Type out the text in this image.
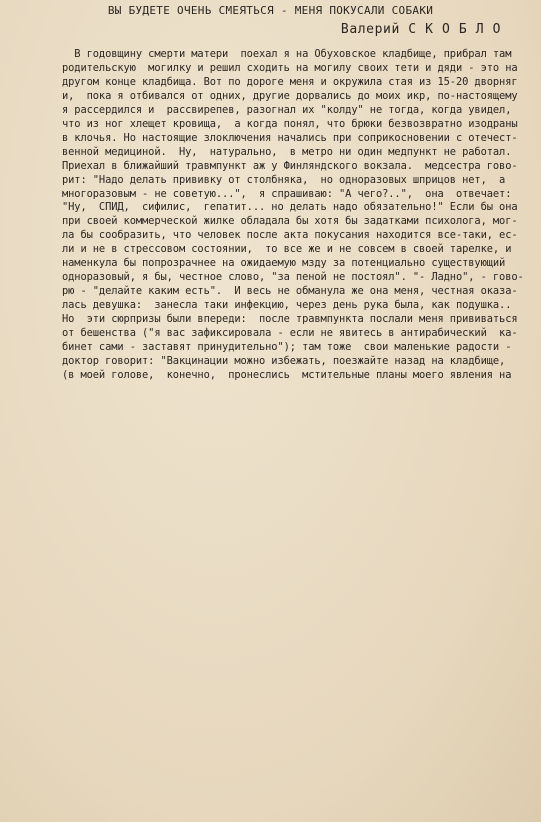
ВЫ БУДЕТЕ ОЧЕНЬ СМЕЯТЬСЯ - МЕНЯ ПОКУСАЛИ СОБАКИ
Валерий С К О Б Л О
В годовщину смерти матери  поехал я на Обуховское кладбище, прибрал там
родительскую  могилку и решил сходить на могилу своих тети и дяди - это на
другом конце кладбища. Вот по дороге меня и окружила стая из 15-20 дворняг
и,  пока я отбивался от одних, другие дорвались до моих икр, по-настоящему
я рассердился и  рассвирепев, разогнал их "колду" не тогда, когда увидел,
что из ног хлещет кровища,  а когда понял, что брюки безвозвратно изодраны
в клочья. Но настоящие злоключения начались при соприкосновении с отечест-
венной медициной.  Ну,  натурально,  в метро ни один медпункт не работал.
Приехал в ближайший травмпункт аж у Финляндского вокзала.  медсестра гово-
рит: "Надо делать прививку от столбняка,  но одноразовых шприцов нет,  а
многоразовым - не советую...",  я спрашиваю: "А чего?..",  она  отвечает:
"Ну,  СПИД,  сифилис,  гепатит... но делать надо обязательно!" Если бы она
при своей коммерческой жилке обладала бы хотя бы задатками психолога, мог-
ла бы сообразить, что человек после акта покусания находится все-таки, ес-
ли и не в стрессовом состоянии,  то все же и не совсем в своей тарелке, и
наменкула бы попрозрачнее на ожидаемую мзду за потенциально существующий
одноразовый, я бы, честное слово, "за пеной не постоял". "- Ладно", - гово-
рю - "делайте каким есть".  И весь не обманула же она меня, честная оказа-
лась девушка:  занесла таки инфекцию, через день рука была, как подушка..
Но  эти сюрпризы были впереди:  после травмпункта послали меня прививаться
от бешенства ("я вас зафиксировала - если не явитесь в антирабический  ка-
бинет сами - заставят принудительно"); там тоже  свои маленькие радости -
доктор говорит: "Вакцинации можно избежать, поезжайте назад на кладбище,
(в моей голове,  конечно,  пронеслись  мстительные планы моего явления на
